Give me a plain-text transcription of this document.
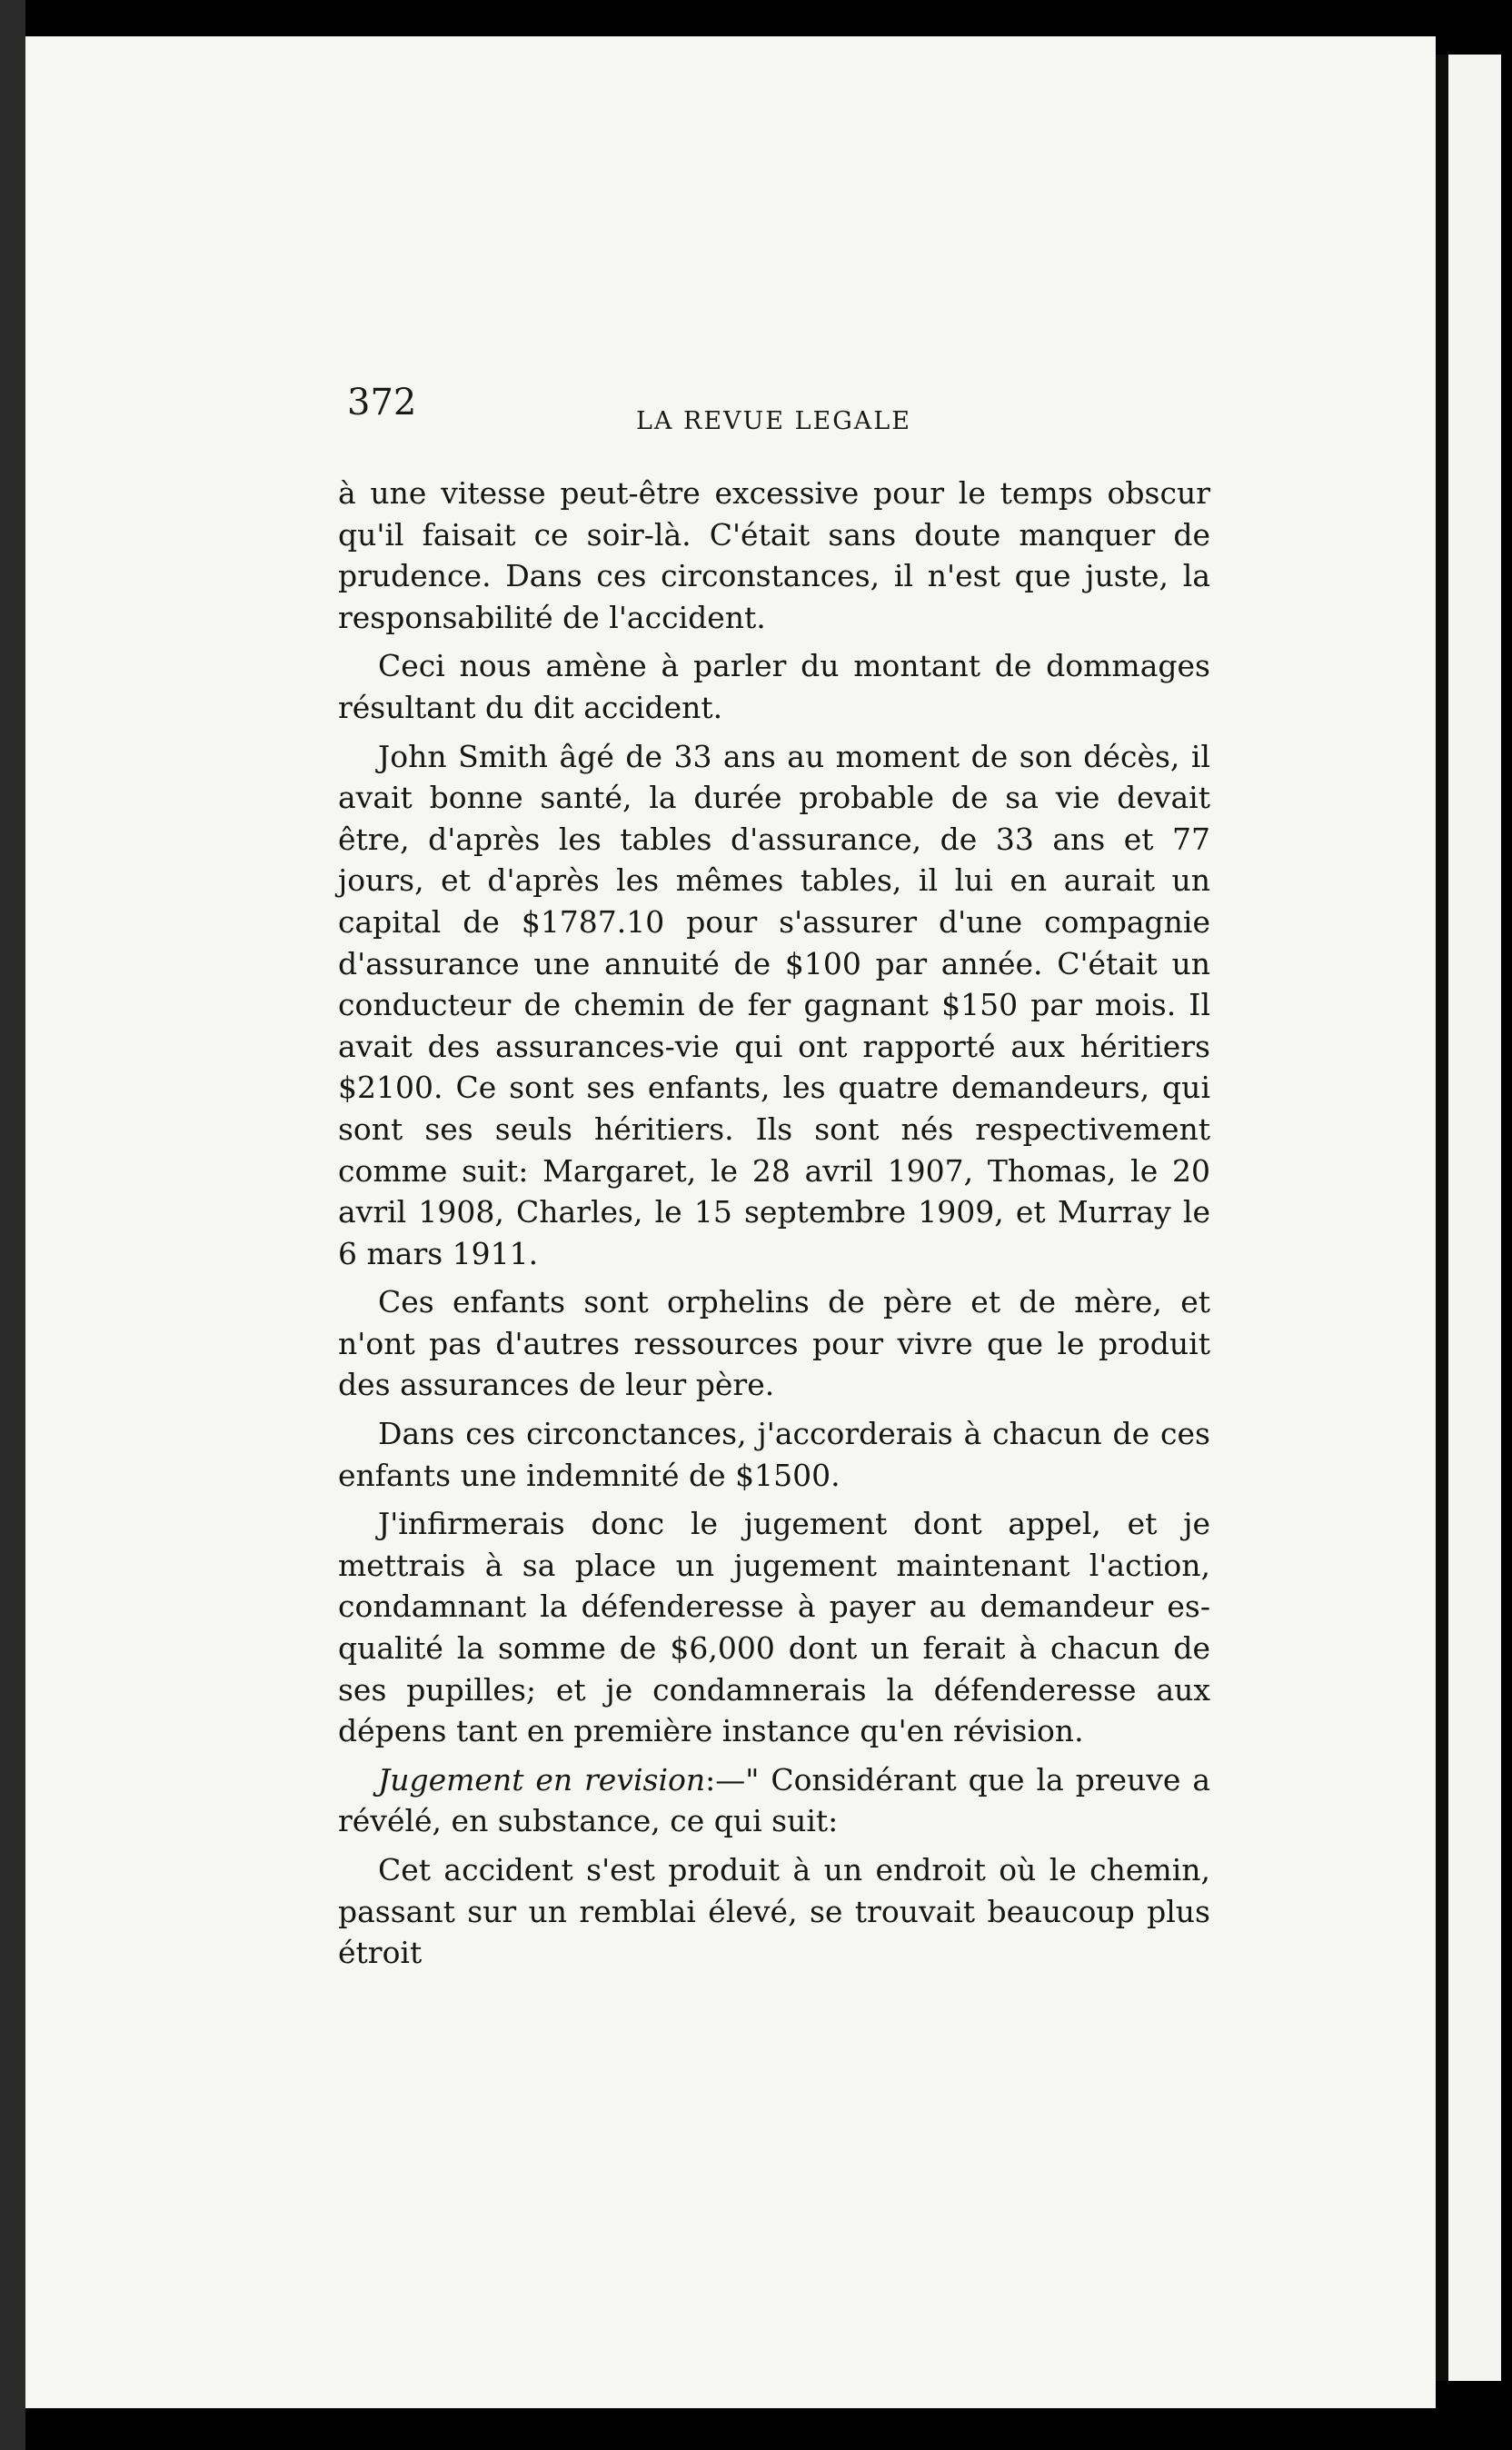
372	LA REVUE LEGALE

à une vitesse peut-être excessive pour le temps obscur qu'il faisait ce soir-là. C'était sans doute manquer de prudence. Dans ces circonstances, il n'est que juste, la responsabilité de l'accident.

Ceci nous amène à parler du montant de dommages résultant du dit accident.

John Smith âgé de 33 ans au moment de son décès, il avait bonne santé, la durée probable de sa vie devait être, d'après les tables d'assurance, de 33 ans et 77 jours, et d'après les mêmes tables, il lui en aurait un capital de $1787.10 pour s'assurer d'une compagnie d'assurance une annuité de $100 par année. C'était un conducteur de chemin de fer gagnant $150 par mois. Il avait des assurances-vie qui ont rapporté aux héritiers $2100. Ce sont ses enfants, les quatre demandeurs, qui sont ses seuls héritiers. Ils sont nés respectivement comme suit: Margaret, le 28 avril 1907, Thomas, le 20 avril 1908, Charles, le 15 septembre 1909, et Murray le 6 mars 1911.

Ces enfants sont orphelins de père et de mère, et n'ont pas d'autres ressources pour vivre que le produit des assurances de leur père.

Dans ces circonctances, j'accorderais à chacun de ces enfants une indemnité de $1500.

J'infirmerais donc le jugement dont appel, et je mettrais à sa place un jugement maintenant l'action, condamnant la défenderesse à payer au demandeur es-qualité la somme de $6,000 dont un ferait à chacun de ses pupilles; et je condamnerais la défenderesse aux dépens tant en première instance qu'en révision.

Jugement en revision:—" Considérant que la preuve a révélé, en substance, ce qui suit:

Cet accident s'est produit à un endroit où le chemin, passant sur un remblai élevé, se trouvait beaucoup plus étroit
